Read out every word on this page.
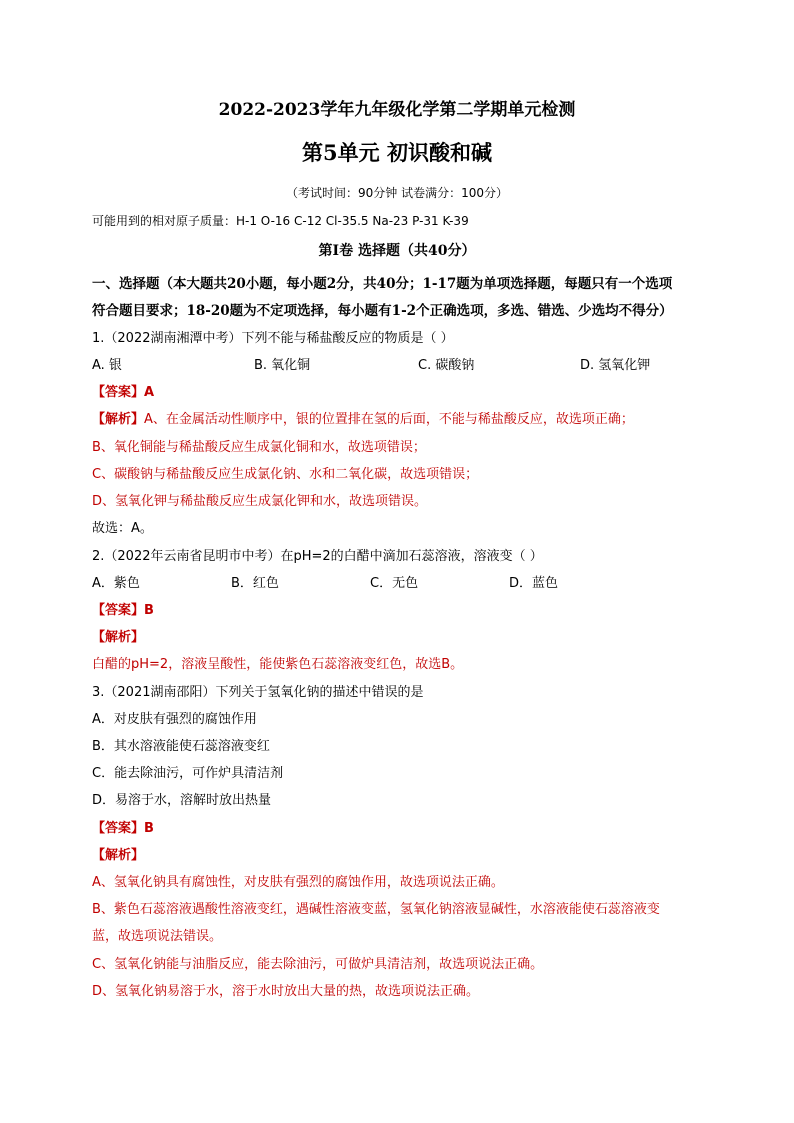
2022-2023学年九年级化学第二学期单元检测
第5单元 初识酸和碱
（考试时间：90分钟 试卷满分：100分）
可能用到的相对原子质量：H-1 O-16 C-12 Cl-35.5 Na-23 P-31 K-39
第Ⅰ卷 选择题（共40分）
一、选择题（本大题共20小题，每小题2分，共40分；1-17题为单项选择题，每题只有一个选项
符合题目要求；18-20题为不定项选择，每小题有1-2个正确选项，多选、错选、少选均不得分）
1.（2022湖南湘潭中考）下列不能与稀盐酸反应的物质是（ ）
A. 银	B. 氧化铜	C. 碳酸钠	D. 氢氧化钾
【答案】A
【解析】A、在金属活动性顺序中，银的位置排在氢的后面，不能与稀盐酸反应，故选项正确；
B、氧化铜能与稀盐酸反应生成氯化铜和水，故选项错误；
C、碳酸钠与稀盐酸反应生成氯化钠、水和二氧化碳，故选项错误；
D、氢氧化钾与稀盐酸反应生成氯化钾和水，故选项错误。
故选：A。
2.（2022年云南省昆明市中考）在pH=2的白醋中滴加石蕊溶液，溶液变（ ）
A．紫色	B．红色	C．无色	D．蓝色
【答案】B
【解析】
白醋的pH=2，溶液呈酸性，能使紫色石蕊溶液变红色，故选B。
3.（2021湖南邵阳）下列关于氢氧化钠的描述中错误的是
A．对皮肤有强烈的腐蚀作用
B．其水溶液能使石蕊溶液变红
C．能去除油污，可作炉具清洁剂
D．易溶于水，溶解时放出热量
【答案】B
【解析】
A、氢氧化钠具有腐蚀性，对皮肤有强烈的腐蚀作用，故选项说法正确。
B、紫色石蕊溶液遇酸性溶液变红，遇碱性溶液变蓝，氢氧化钠溶液显碱性，水溶液能使石蕊溶液变
蓝，故选项说法错误。
C、氢氧化钠能与油脂反应，能去除油污，可做炉具清洁剂，故选项说法正确。
D、氢氧化钠易溶于水，溶于水时放出大量的热，故选项说法正确。
